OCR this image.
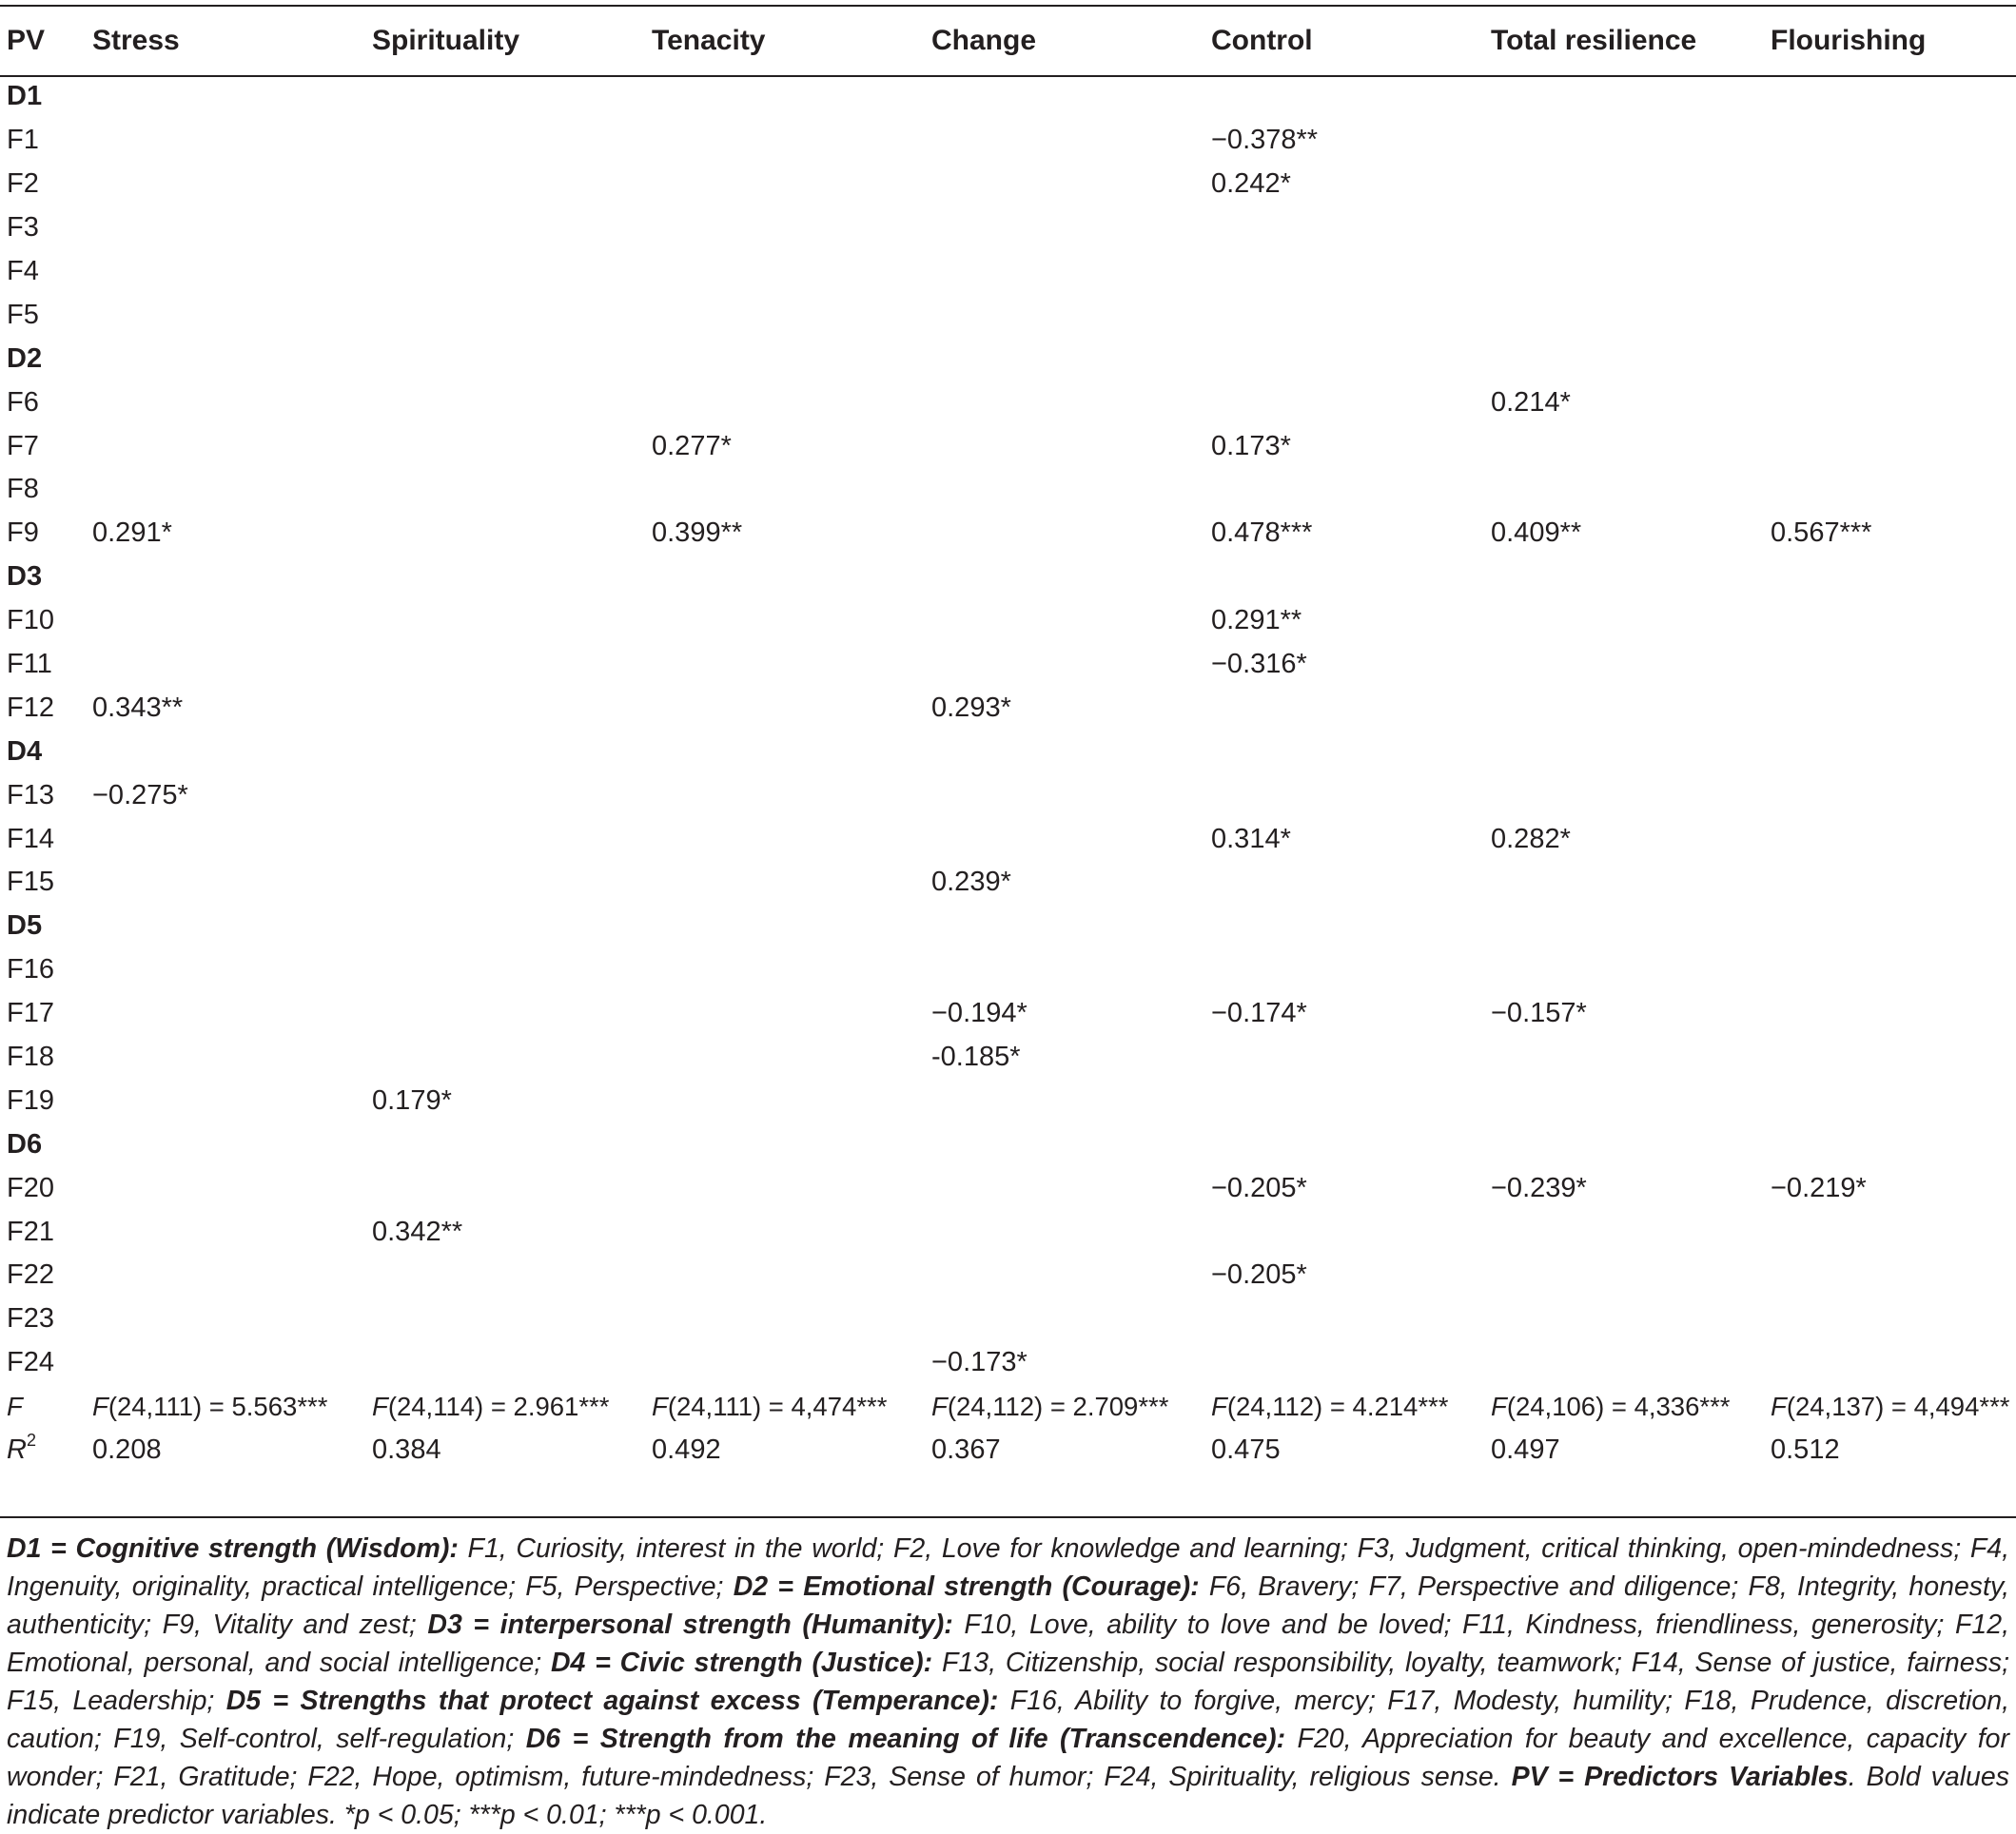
PV	Stress	Spirituality	Tenacity	Change	Control	Total resilience	Flourishing
D1							
F1					−0.378**		
F2					0.242*		
F3							
F4							
F5							
D2							
F6						0.214*	
F7			0.277*		0.173*		
F8							
F9	0.291*		0.399**		0.478***	0.409**	0.567***
D3							
F10					0.291**		
F11					−0.316*		
F12	0.343**			0.293*			
D4							
F13	−0.275*						
F14					0.314*	0.282*	
F15				0.239*			
D5							
F16							
F17				−0.194*	−0.174*	−0.157*	
F18				-0.185*			
F19		0.179*					
D6							
F20					−0.205*	−0.239*	−0.219*
F21		0.342**					
F22					−0.205*		
F23							
F24				−0.173*			
F	F(24,111) = 5.563***	F(24,114) = 2.961***	F(24,111) = 4,474***	F(24,112) = 2.709***	F(24,112) = 4.214***	F(24,106) = 4,336***	F(24,137) = 4,494***
$R^2$	0.208	0.384	0.492	0.367	0.475	0.497	0.512
D1 = Cognitive strength (Wisdom): F1, Curiosity, interest in the world; F2, Love for knowledge and learning; F3, Judgment, critical thinking, open-mindedness; F4, Ingenuity, originality, practical intelligence; F5, Perspective; D2 = Emotional strength (Courage): F6, Bravery; F7, Perspective and diligence; F8, Integrity, honesty, authenticity; F9, Vitality and zest; D3 = interpersonal strength (Humanity): F10, Love, ability to love and be loved; F11, Kindness, friendliness, generosity; F12, Emotional, personal, and social intelligence; D4 = Civic strength (Justice): F13, Citizenship, social responsibility, loyalty, teamwork; F14, Sense of justice, fairness; F15, Leadership; D5 = Strengths that protect against excess (Temperance): F16, Ability to forgive, mercy; F17, Modesty, humility; F18, Prudence, discretion, caution; F19, Self-control, self-regulation; D6 = Strength from the meaning of life (Transcendence): F20, Appreciation for beauty and excellence, capacity for wonder; F21, Gratitude; F22, Hope, optimism, future-mindedness; F23, Sense of humor; F24, Spirituality, religious sense. PV = Predictors Variables. Bold values indicate predictor variables. *p < 0.05; ***p < 0.01; ***p < 0.001.
